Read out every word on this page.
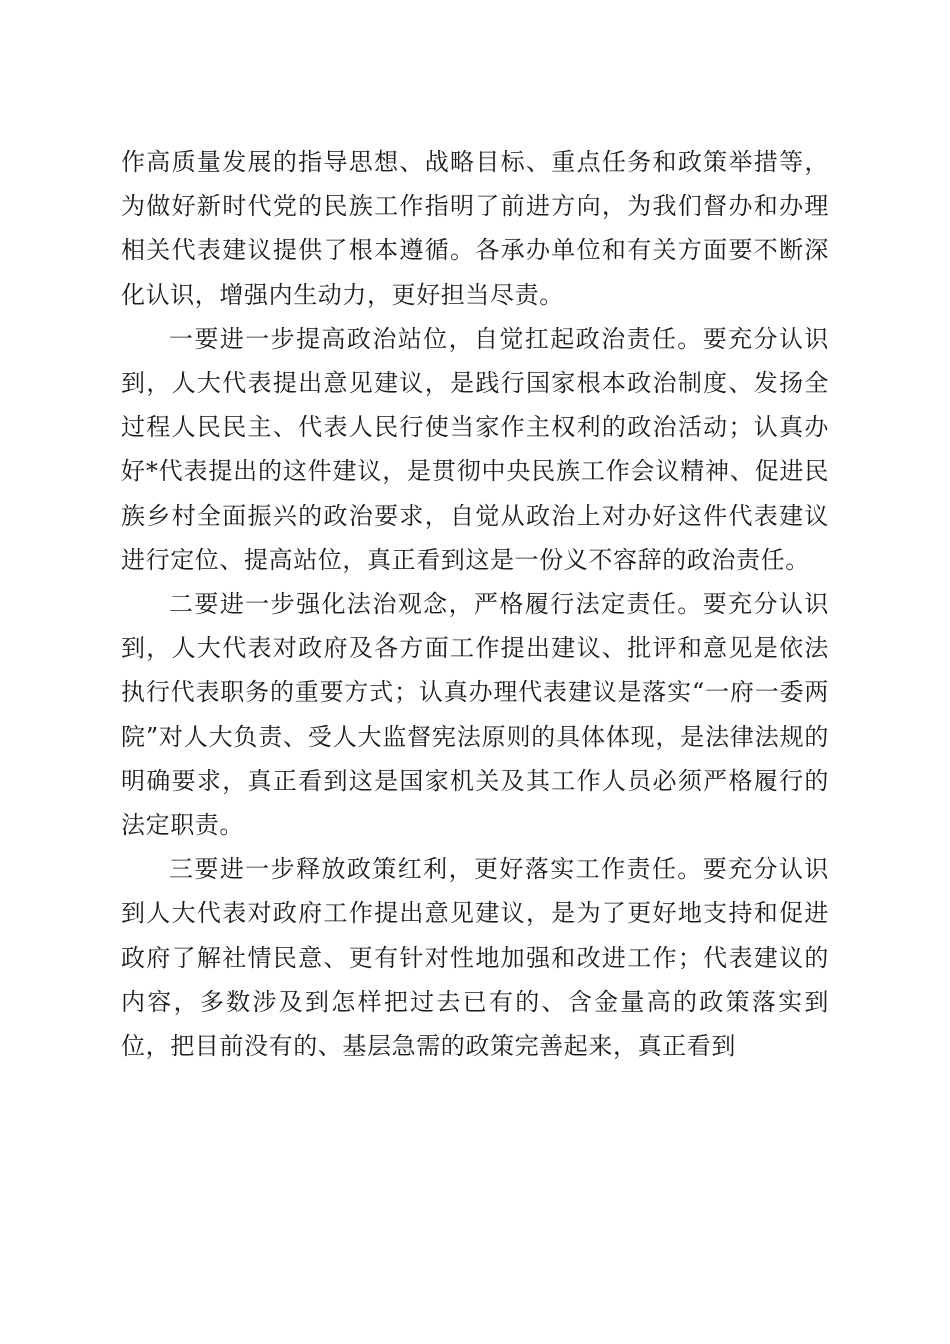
作高质量发展的指导思想、战略目标、重点任务和政策举措等，为做好新时代党的民族工作指明了前进方向，为我们督办和办理相关代表建议提供了根本遵循。各承办单位和有关方面要不断深化认识，增强内生动力，更好担当尽责。

一要进一步提高政治站位，自觉扛起政治责任。要充分认识到，人大代表提出意见建议，是践行国家根本政治制度、发扬全过程人民民主、代表人民行使当家作主权利的政治活动；认真办好*代表提出的这件建议，是贯彻中央民族工作会议精神、促进民族乡村全面振兴的政治要求，自觉从政治上对办好这件代表建议进行定位、提高站位，真正看到这是一份义不容辞的政治责任。

二要进一步强化法治观念，严格履行法定责任。要充分认识到，人大代表对政府及各方面工作提出建议、批评和意见是依法执行代表职务的重要方式；认真办理代表建议是落实“一府一委两院”对人大负责、受人大监督宪法原则的具体体现，是法律法规的明确要求，真正看到这是国家机关及其工作人员必须严格履行的法定职责。

三要进一步释放政策红利，更好落实工作责任。要充分认识到人大代表对政府工作提出意见建议，是为了更好地支持和促进政府了解社情民意、更有针对性地加强和改进工作；代表建议的内容，多数涉及到怎样把过去已有的、含金量高的政策落实到位，把目前没有的、基层急需的政策完善起来，真正看到
